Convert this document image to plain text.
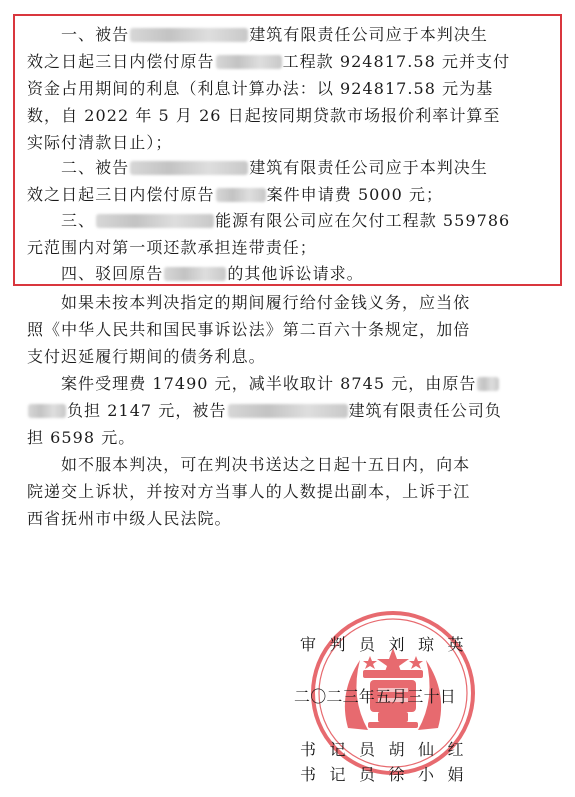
一、被告	建筑有限责任公司应于本判决生
效之日起三日内偿付原告	工程款 924817.58 元并支付
资金占用期间的利息（利息计算办法：以 924817.58 元为基
数，自 2022 年 5 月 26 日起按同期贷款市场报价利率计算至
实际付清款日止）；
二、被告	建筑有限责任公司应于本判决生
效之日起三日内偿付原告	案件申请费 5000 元；
三、	能源有限公司应在欠付工程款 559786
元范围内对第一项还款承担连带责任；
四、驳回原告	的其他诉讼请求。
如果未按本判决指定的期间履行给付金钱义务，应当依
照《中华人民共和国民事诉讼法》第二百六十条规定，加倍
支付迟延履行期间的债务利息。
案件受理费 17490 元，减半收取计 8745 元，由原告
负担 2147 元，被告	建筑有限责任公司负
担 6598 元。
如不服本判决，可在判决书送达之日起十五日内，向本
院递交上诉状，并按对方当事人的人数提出副本，上诉于江
西省抚州市中级人民法院。
审判员刘琼英
二〇二三年五月三十日
书记员胡仙红
书记员徐小娟
